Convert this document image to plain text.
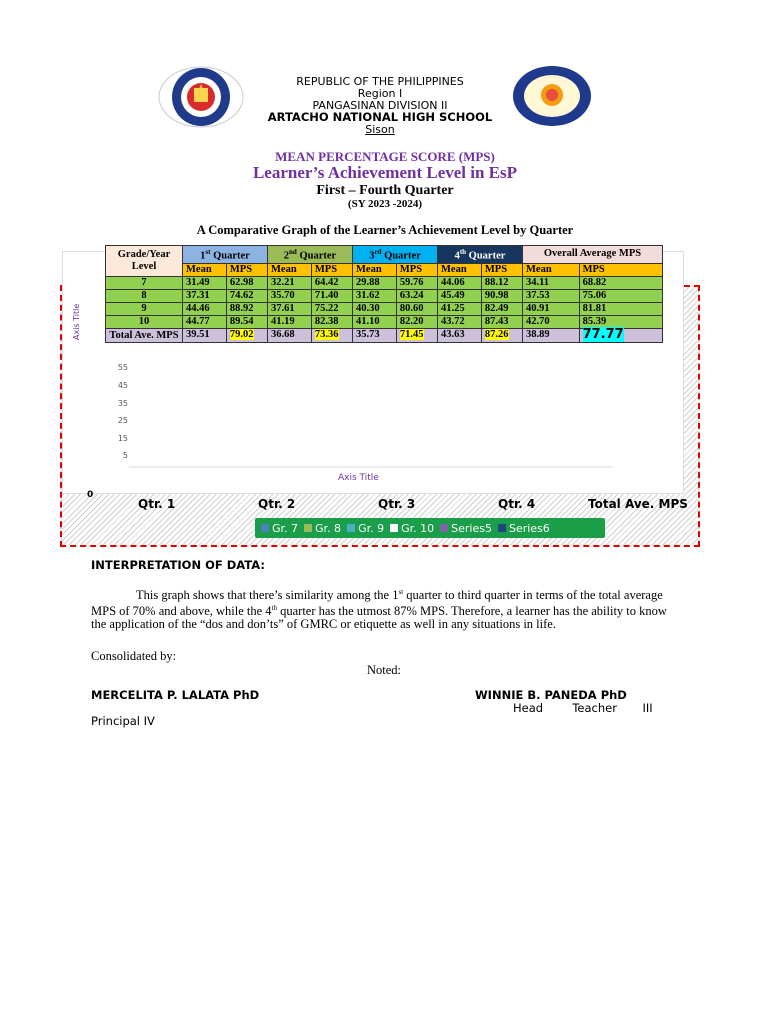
REPUBLIC OF THE PHILIPPINES
Region I
PANGASINAN DIVISION II
ARTACHO NATIONAL HIGH SCHOOL
Sison
MEAN PERCENTAGE SCORE (MPS)
Learner’s Achievement Level in EsP
First – Fourth Quarter
(SY 2023 -2024)
A Comparative Graph of the Learner’s Achievement Level by Quarter
Axis Title
55
45
35
25
15
5
Axis Title
0
Qtr. 1	Qtr. 2	Qtr. 3	Qtr. 4	Total Ave. MPS
Gr. 7 Gr. 8 Gr. 9 Gr. 10 Series5 Series6
Grade/Year Level	1st Quarter		2nd Quarter		3rd Quarter		4th Quarter		Overall Average MPS	
	Mean	MPS	Mean	MPS	Mean	MPS	Mean	MPS	Mean	MPS
7	31.49	62.98	32.21	64.42	29.88	59.76	44.06	88.12	34.11	68.82
8	37.31	74.62	35.70	71.40	31.62	63.24	45.49	90.98	37.53	75.06
9	44.46	88.92	37.61	75.22	40.30	80.60	41.25	82.49	40.91	81.81
10	44.77	89.54	41.19	82.38	41.10	82.20	43.72	87.43	42.70	85.39
Total Ave. MPS	39.51	79.02	36.68	73.36	35.73	71.45	43.63	87.26	38.89	77.77
INTERPRETATION OF DATA:
This graph shows that there’s similarity among the 1st quarter to third quarter in terms of the total average MPS of 70% and above, while the 4th quarter has the utmost 87% MPS. Therefore, a learner has the ability to know the application of the “dos and don’ts” of GMRC or etiquette as well in any situations in life.
Consolidated by:
Noted:
MERCELITA P. LALATA PhD	WINNIE B. PANEDA PhD
Head        Teacher       III
Principal IV
